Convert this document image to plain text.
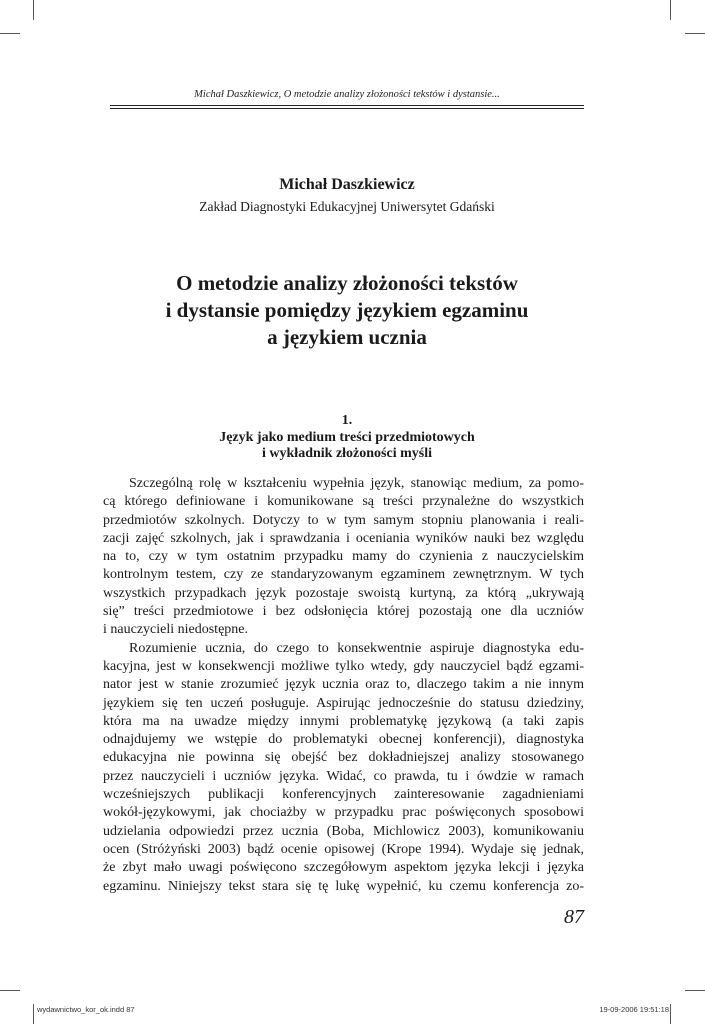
Michał Daszkiewicz, O metodzie analizy złożoności tekstów i dystansie...
Michał Daszkiewicz
Zakład Diagnostyki Edukacyjnej Uniwersytet Gdański
O metodzie analizy złożoności tekstów
i dystansie pomiędzy językiem egzaminu
a językiem ucznia
1.
Język jako medium treści przedmiotowych
i wykładnik złożoności myśli
Szczególną rolę w kształceniu wypełnia język, stanowiąc medium, za pomo-
cą którego definiowane i komunikowane są treści przynależne do wszystkich
przedmiotów szkolnych. Dotyczy to w tym samym stopniu planowania i reali-
zacji zajęć szkolnych, jak i sprawdzania i oceniania wyników nauki bez względu
na to, czy w tym ostatnim przypadku mamy do czynienia z nauczycielskim
kontrolnym testem, czy ze standaryzowanym egzaminem zewnętrznym. W tych
wszystkich przypadkach język pozostaje swoistą kurtyną, za którą „ukrywają
się” treści przedmiotowe i bez odsłonięcia której pozostają one dla uczniów
i nauczycieli niedostępne.
Rozumienie ucznia, do czego to konsekwentnie aspiruje diagnostyka edu-
kacyjna, jest w konsekwencji możliwe tylko wtedy, gdy nauczyciel bądź egzami-
nator jest w stanie zrozumieć język ucznia oraz to, dlaczego takim a nie innym
językiem się ten uczeń posługuje. Aspirując jednocześnie do statusu dziedziny,
która ma na uwadze między innymi problematykę językową (a taki zapis
odnajdujemy we wstępie do problematyki obecnej konferencji), diagnostyka
edukacyjna nie powinna się obejść bez dokładniejszej analizy stosowanego
przez nauczycieli i uczniów języka. Widać, co prawda, tu i ówdzie w ramach
wcześniejszych publikacji konferencyjnych zainteresowanie zagadnieniami
wokół-językowymi, jak chociażby w przypadku prac poświęconych sposobowi
udzielania odpowiedzi przez ucznia (Boba, Michlowicz 2003), komunikowaniu
ocen (Stróżyński 2003) bądź ocenie opisowej (Krope 1994). Wydaje się jednak,
że zbyt mało uwagi poświęcono szczegółowym aspektom języka lekcji i języka
egzaminu. Niniejszy tekst stara się tę lukę wypełnić, ku czemu konferencja zo-
87
wydawnictwo_kor_ok.indd 87	19-09-2006 19:51:18
